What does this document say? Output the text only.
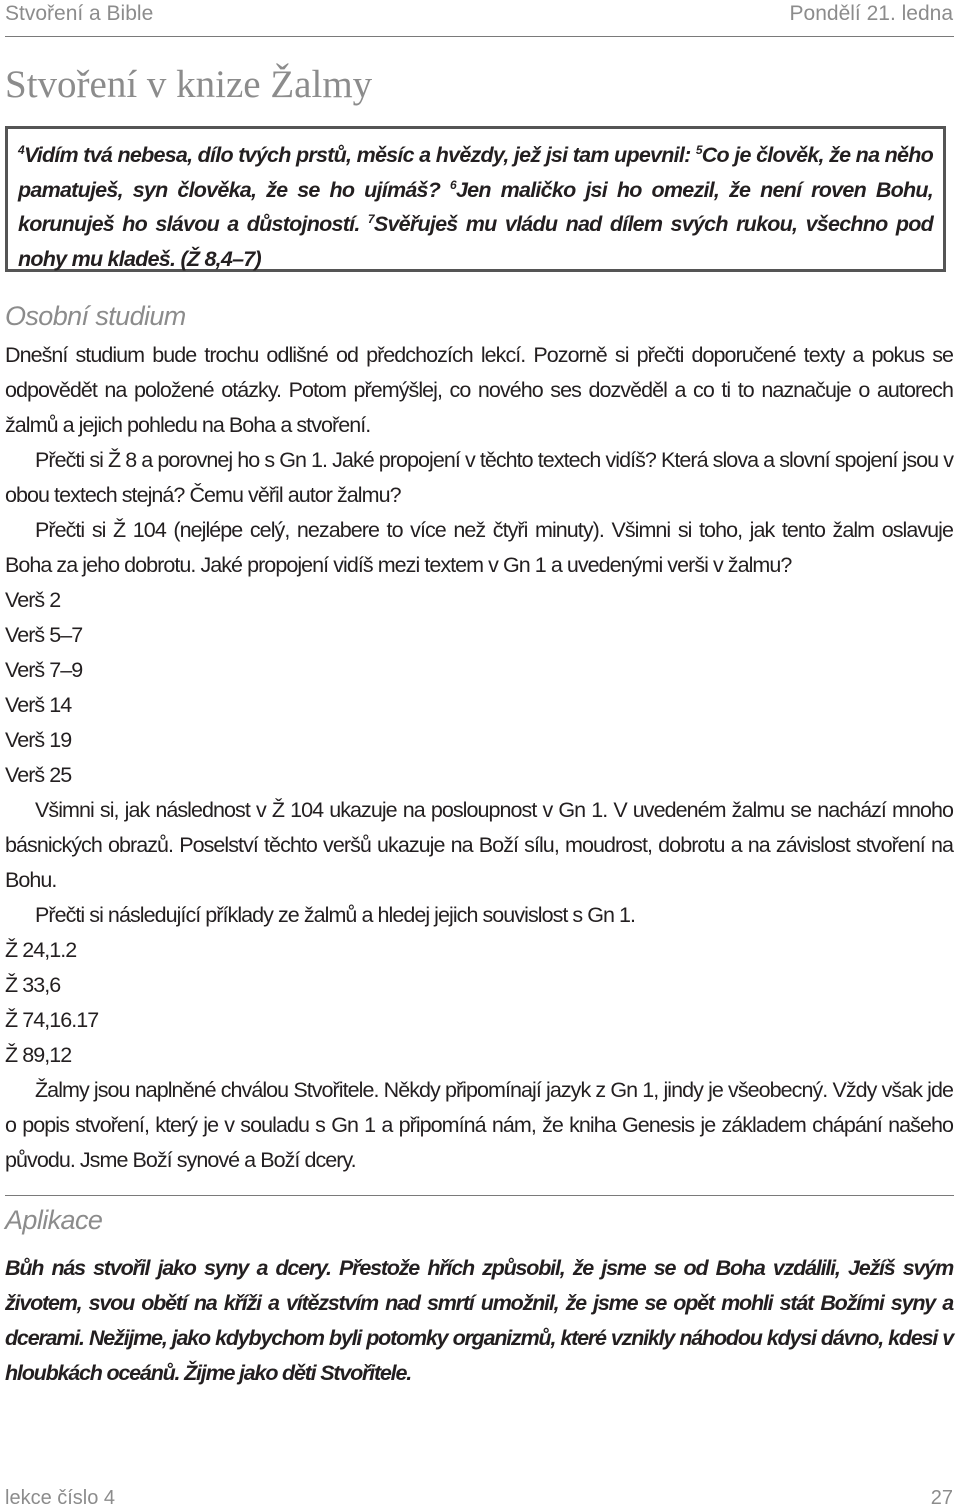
Stvoření a Bible	Pondělí 21. ledna
Stvoření v knize Žalmy

$^4$Vidím tvá nebesa, dílo tvých prstů, měsíc a hvězdy, jež jsi tam upevnil: $^5$Co je člověk, že na něho pamatuješ, syn člověka, že se ho ujímáš? $^6$Jen maličko jsi ho omezil, že není roven Bohu, korunuješ ho slávou a důstojností. $^7$Svěřuješ mu vládu nad dílem svých rukou, všechno pod nohy mu kladeš. (Ž 8,4–7)

Osobní studium

Dnešní studium bude trochu odlišné od předchozích lekcí. Pozorně si přečti doporučené texty a pokus se odpovědět na položené otázky. Potom přemýšlej, co nového ses dozvěděl a co ti to naznačuje o autorech žalmů a jejich pohledu na Boha a stvoření.

Přečti si Ž 8 a porovnej ho s Gn 1. Jaké propojení v těchto textech vidíš? Která slova a slovní spojení jsou v obou textech stejná? Čemu věřil autor žalmu?

Přečti si Ž 104 (nejlépe celý, nezabere to více než čtyři minuty). Všimni si toho, jak tento žalm oslavuje Boha za jeho dobrotu. Jaké propojení vidíš mezi textem v Gn 1 a uvedenými verši v žalmu?

Verš 2

Verš 5–7

Verš 7–9

Verš 14

Verš 19

Verš 25

Všimni si, jak následnost v Ž 104 ukazuje na posloupnost v Gn 1. V uvedeném žalmu se nachází mnoho básnických obrazů. Poselství těchto veršů ukazuje na Boží sílu, moudrost, dobrotu a na závislost stvoření na Bohu.

Přečti si následující příklady ze žalmů a hledej jejich souvislost s Gn 1.

Ž 24,1.2

Ž 33,6

Ž 74,16.17

Ž 89,12

Žalmy jsou naplněné chválou Stvořitele. Někdy připomínají jazyk z Gn 1, jindy je všeobecný. Vždy však jde o popis stvoření, který je v souladu s Gn 1 a připomíná nám, že kniha Genesis je základem chápání našeho původu. Jsme Boží synové a Boží dcery.

Aplikace

Bůh nás stvořil jako syny a dcery. Přestože hřích způsobil, že jsme se od Boha vzdálili, Ježíš svým životem, svou obětí na kříži a vítězstvím nad smrtí umožnil, že jsme se opět mohli stát Božími syny a dcerami. Nežijme, jako kdybychom byli potomky organizmů, které vznikly náhodou kdysi dávno, kdesi v hloubkách oceánů. Žijme jako děti Stvořitele.

lekce číslo 4	27
